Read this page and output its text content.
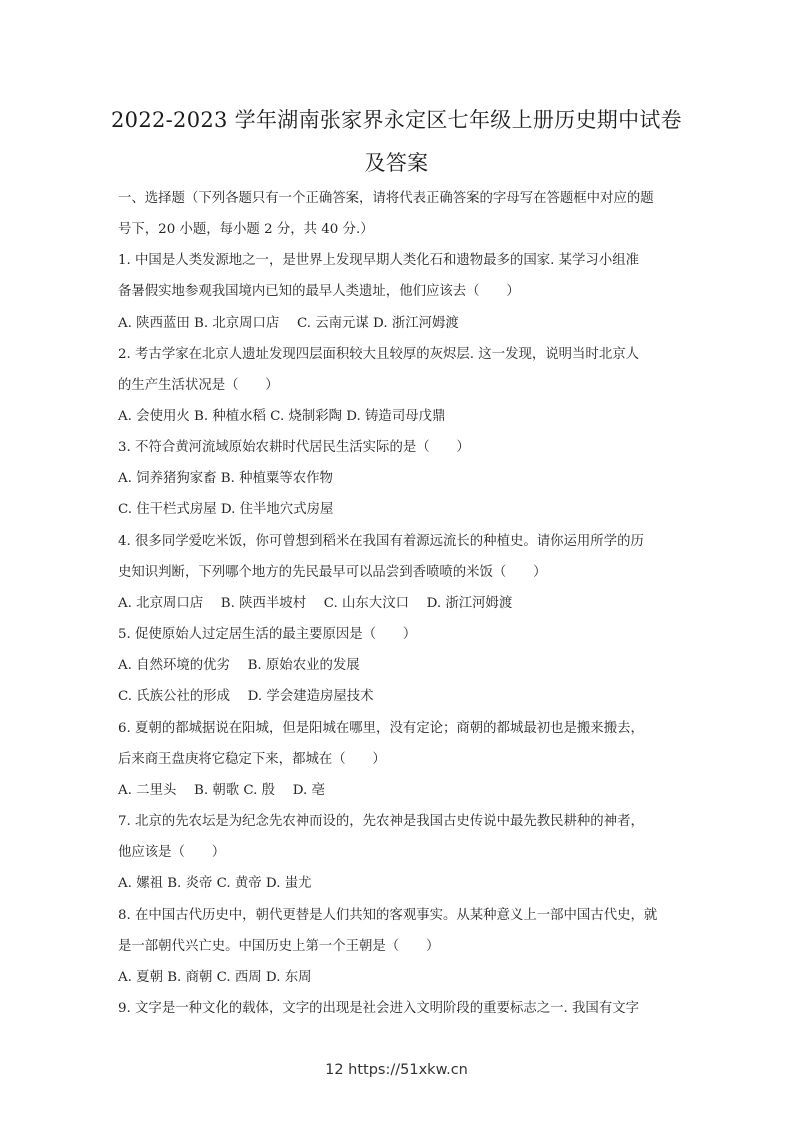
2022-2023 学年湖南张家界永定区七年级上册历史期中试卷
及答案
一、选择题（下列各题只有一个正确答案，请将代表正确答案的字母写在答题框中对应的题
号下，20 小题，每小题 2 分，共 40 分.）
1. 中国是人类发源地之一，是世界上发现早期人类化石和遗物最多的国家. 某学习小组准
备暑假实地参观我国境内已知的最早人类遗址，他们应该去（　　）
A. 陕西蓝田 B. 北京周口店　 C. 云南元谋 D. 浙江河姆渡
2. 考古学家在北京人遗址发现四层面积较大且较厚的灰烬层. 这一发现，说明当时北京人
的生产生活状况是（　　）
A. 会使用火 B. 种植水稻 C. 烧制彩陶 D. 铸造司母戊鼎
3. 不符合黄河流域原始农耕时代居民生活实际的是（　　）
A. 饲养猪狗家畜 B. 种植粟等农作物
C. 住干栏式房屋 D. 住半地穴式房屋
4. 很多同学爱吃米饭，你可曾想到稻米在我国有着源远流长的种植史。请你运用所学的历
史知识判断，下列哪个地方的先民最早可以品尝到香喷喷的米饭（　　）
A. 北京周口店　 B. 陕西半坡村　 C. 山东大汶口　 D. 浙江河姆渡
5. 促使原始人过定居生活的最主要原因是（　　）
A. 自然环境的优劣　 B. 原始农业的发展
C. 氏族公社的形成　 D. 学会建造房屋技术
6. 夏朝的都城据说在阳城，但是阳城在哪里，没有定论；商朝的都城最初也是搬来搬去，
后来商王盘庚将它稳定下来，都城在（　　）
A. 二里头　 B. 朝歌 C. 殷　 D. 亳
7. 北京的先农坛是为纪念先农神而设的，先农神是我国古史传说中最先教民耕种的神者，
他应该是（　　）
A. 嫘祖 B. 炎帝 C. 黄帝 D. 蚩尤
8. 在中国古代历史中，朝代更替是人们共知的客观事实。从某种意义上一部中国古代史，就
是一部朝代兴亡史。中国历史上第一个王朝是（　　）
A. 夏朝 B. 商朝 C. 西周 D. 东周
9. 文字是一种文化的载体，文字的出现是社会进入文明阶段的重要标志之一. 我国有文字
12 https://51xkw.cn
